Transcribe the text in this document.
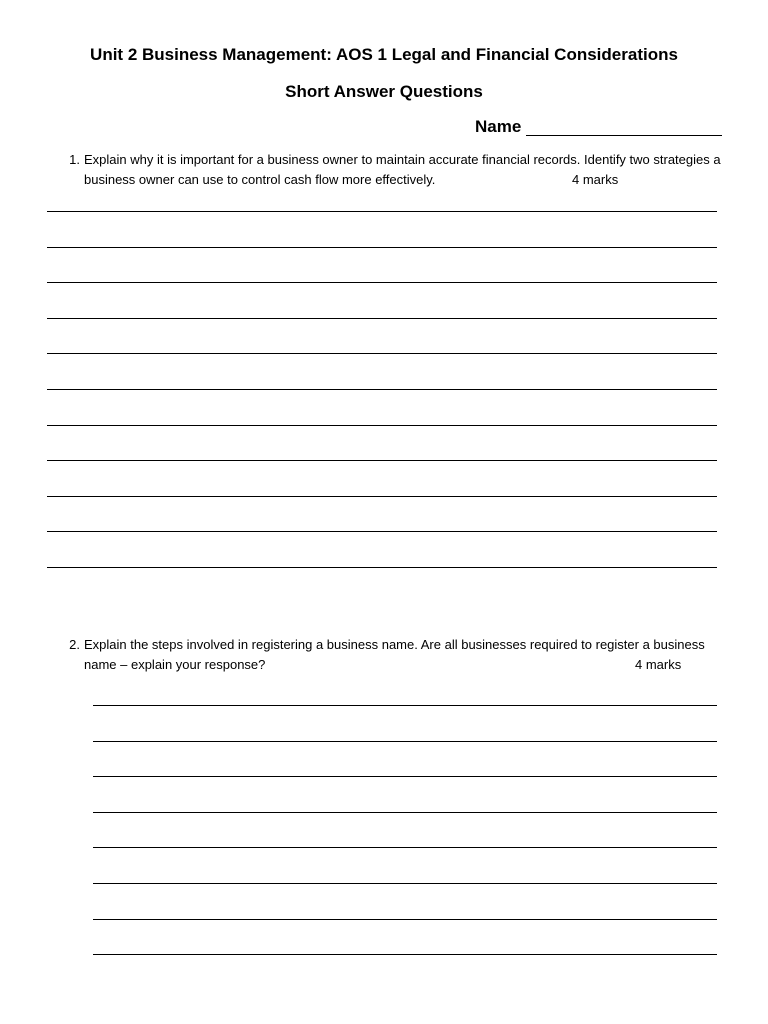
Unit 2 Business Management: AOS 1 Legal and Financial Considerations
Short Answer Questions
Name
1. Explain why it is important for a business owner to maintain accurate financial records. Identify two strategies a business owner can use to control cash flow more effectively.	4 marks
2. Explain the steps involved in registering a business name. Are all businesses required to register a business name – explain your response?	4 marks
